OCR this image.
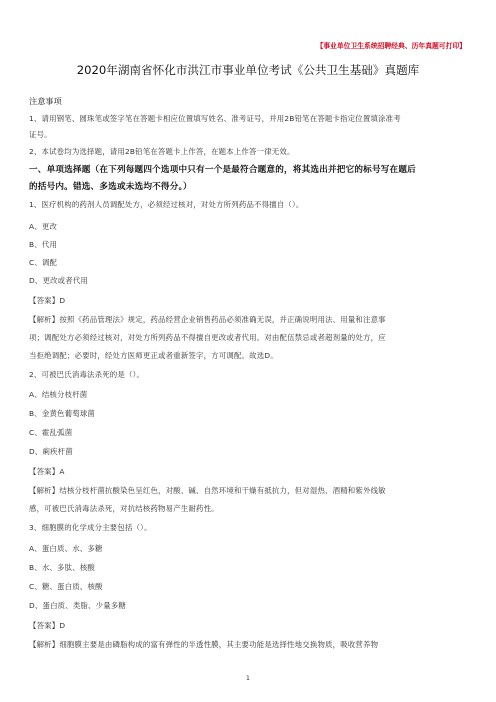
【事业单位卫生系统招聘经典、历年真题可打印】
2020年湖南省怀化市洪江市事业单位考试《公共卫生基础》真题库
注意事项
1、请用钢笔、圆珠笔或签字笔在答题卡相应位置填写姓名、准考证号，并用2B铅笔在答题卡指定位置填涂准考
证号。
2、本试卷均为选择题，请用2B铅笔在答题卡上作答，在题本上作答一律无效。
一、单项选择题（在下列每题四个选项中只有一个是最符合题意的，将其选出并把它的标号写在题后
的括号内。错选、多选或未选均不得分。）
1、医疗机构的药剂人员调配处方，必须经过核对，对处方所列药品不得擅自（）。
A、更改
B、代用
C、调配
D、更改或者代用
【答案】D
【解析】按照《药品管理法》规定，药品经营企业销售药品必须准确无误，并正确说明用法、用量和注意事
项；调配处方必须经过核对，对处方所列药品不得擅自更改或者代用。对由配伍禁忌或者超剂量的处方，应
当拒绝调配；必要时，经处方医师更正或者重新签字，方可调配。故选D。
2、可被巴氏消毒法杀死的是（）。
A、结核分枝杆菌
B、金黄色葡萄球菌
C、霍乱弧菌
D、痢疾杆菌
【答案】A
【解析】结核分枝杆菌抗酸染色呈红色，对酸、碱、自然环境和干燥有抵抗力，但对湿热、酒精和紫外线敏
感，可被巴氏消毒法杀死，对抗结核药物易产生耐药性。
3、细胞膜的化学成分主要包括（）。
A、蛋白质、水、多糖
B、水、多肽、核酸
C、糖、蛋白质、核酸
D、蛋白质、类脂、少量多糖
【答案】D
【解析】细胞膜主要是由磷脂构成的富有弹性的半透性膜，其主要功能是选择性地交换物质，吸收营养物
1
